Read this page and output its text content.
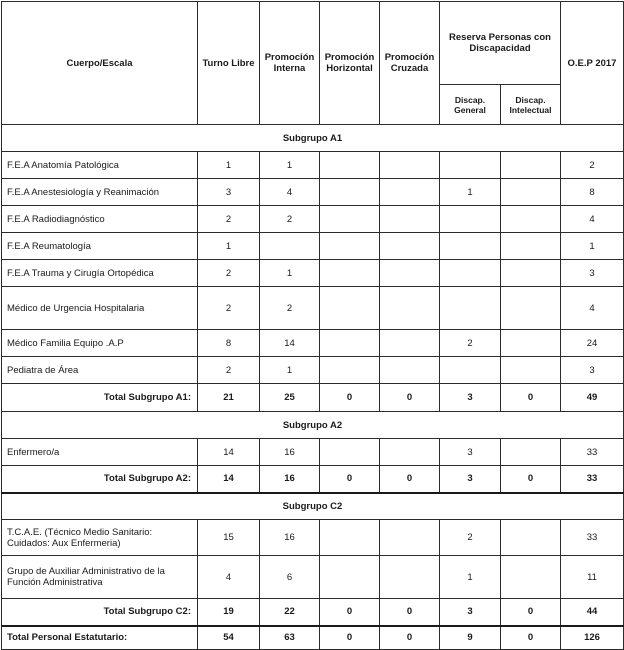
Cuerpo/Escala	Turno Libre	Promoción Interna	Promoción Horizontal	Promoción Cruzada	Reserva Personas con Discapacidad		O.E.P 2017
					Discap. General	Discap. Intelectual	
Subgrupo A1							
F.E.A Anatomía Patológica	1	1					2
F.E.A Anestesiología y Reanimación	3	4			1		8
F.E.A Radiodiagnóstico	2	2					4
F.E.A Reumatología	1						1
F.E.A Trauma y Cirugía Ortopédica	2	1					3
Médico de Urgencia Hospitalaria	2	2					4
Médico Familia Equipo .A.P	8	14			2		24
Pediatra de Área	2	1					3
Total Subgrupo A1:	21	25	0	0	3	0	49
Subgrupo A2							
Enfermero/a	14	16			3		33
Total Subgrupo A2:	14	16	0	0	3	0	33
Subgrupo C2							
T.C.A.E. (Técnico Medio Sanitario: Cuidados: Aux Enfermeria)	15	16			2		33
Grupo de Auxiliar Administrativo de la Función Administrativa	4	6			1		11
Total Subgrupo C2:	19	22	0	0	3	0	44
Total Personal Estatutario:	54	63	0	0	9	0	126
